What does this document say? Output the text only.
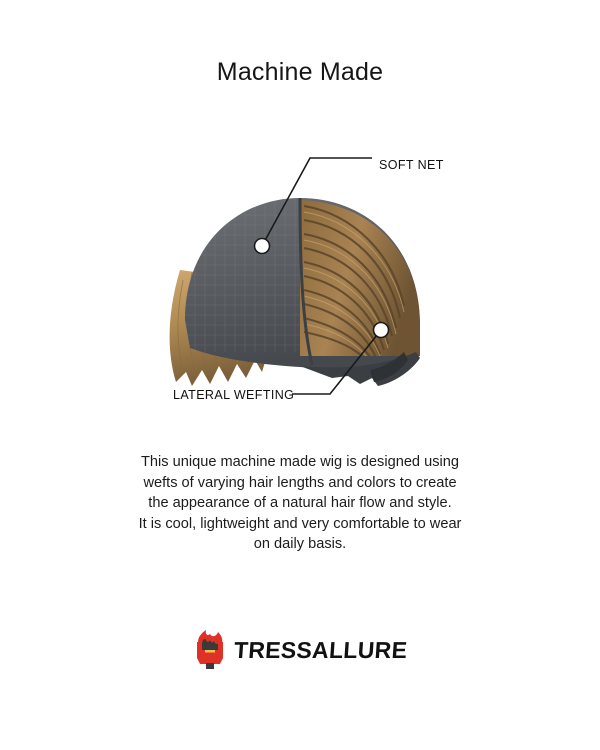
Machine Made
SOFT NET
LATERAL WEFTING
This unique machine made wig is designed using
wefts of varying hair lengths and colors to create
the appearance of a natural hair flow and style.
It is cool, lightweight and very comfortable to wear
on daily basis.
TRESSALLURE
